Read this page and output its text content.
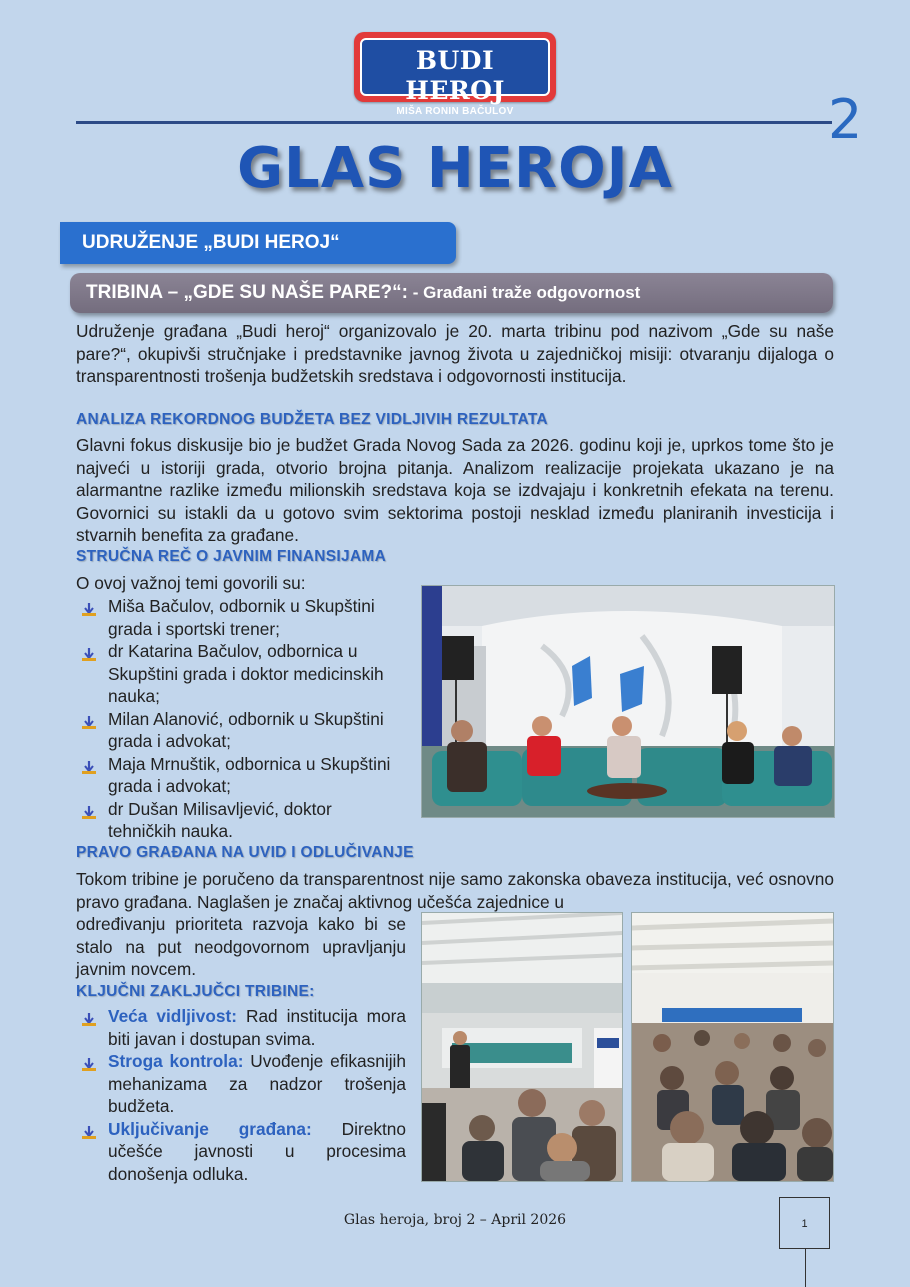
BUDI HEROJ
MIŠA RONIN BAČULOV	2
GLAS HEROJA
UDRUŽENJE „BUDI HEROJ“
TRIBINA – „GDE SU NAŠE PARE?“: - Građani traže odgovornost
Udruženje građana „Budi heroj“ organizovalo je 20. marta tribinu pod nazivom „Gde su naše pare?“, okupivši stručnjake i predstavnike javnog života u zajedničkoj misiji: otvaranju dijaloga o transparentnosti trošenja budžetskih sredstava i odgovornosti institucija.
ANALIZA REKORDNOG BUDŽETA BEZ VIDLJIVIH REZULTATA
Glavni fokus diskusije bio je budžet Grada Novog Sada za 2026. godinu koji je, uprkos tome što je najveći u istoriji grada, otvorio brojna pitanja. Analizom realizacije projekata ukazano je na alarmantne razlike između milionskih sredstava koja se izdvajaju i konkretnih efekata na terenu. Govornici su istakli da u gotovo svim sektorima postoji nesklad između planiranih investicija i stvarnih benefita za građane.
STRUČNA REČ O JAVNIM FINANSIJAMA
O ovoj važnoj temi govorili su:
Miša Bačulov, odbornik u Skupštini grada i sportski trener;
dr Katarina Bačulov, odbornica u Skupštini grada i doktor medicinskih nauka;
Milan Alanović, odbornik u Skupštini grada i advokat;
Maja Mrnuštik, odbornica u Skupštini grada i advokat;
dr Dušan Milisavljević, doktor tehničkih nauka.
PRAVO GRAĐANA NA UVID I ODLUČIVANJE
Tokom tribine je poručeno da transparentnost nije samo zakonska obaveza institucija, već osnovno pravo građana. Naglašen je značaj aktivnog učešća zajednice u
određivanju prioriteta razvoja kako bi se stalo na put neodgovornom upravljanju javnim novcem.
KLJUČNI ZAKLJUČCI TRIBINE:
Veća vidljivost: Rad institucija mora biti javan i dostupan svima.
Stroga kontrola: Uvođenje efikasnijih mehanizama za nadzor trošenja budžeta.
Uključivanje građana: Direktno učešće javnosti u procesima donošenja odluka.
Glas heroja, broj 2 – April 2026	1
